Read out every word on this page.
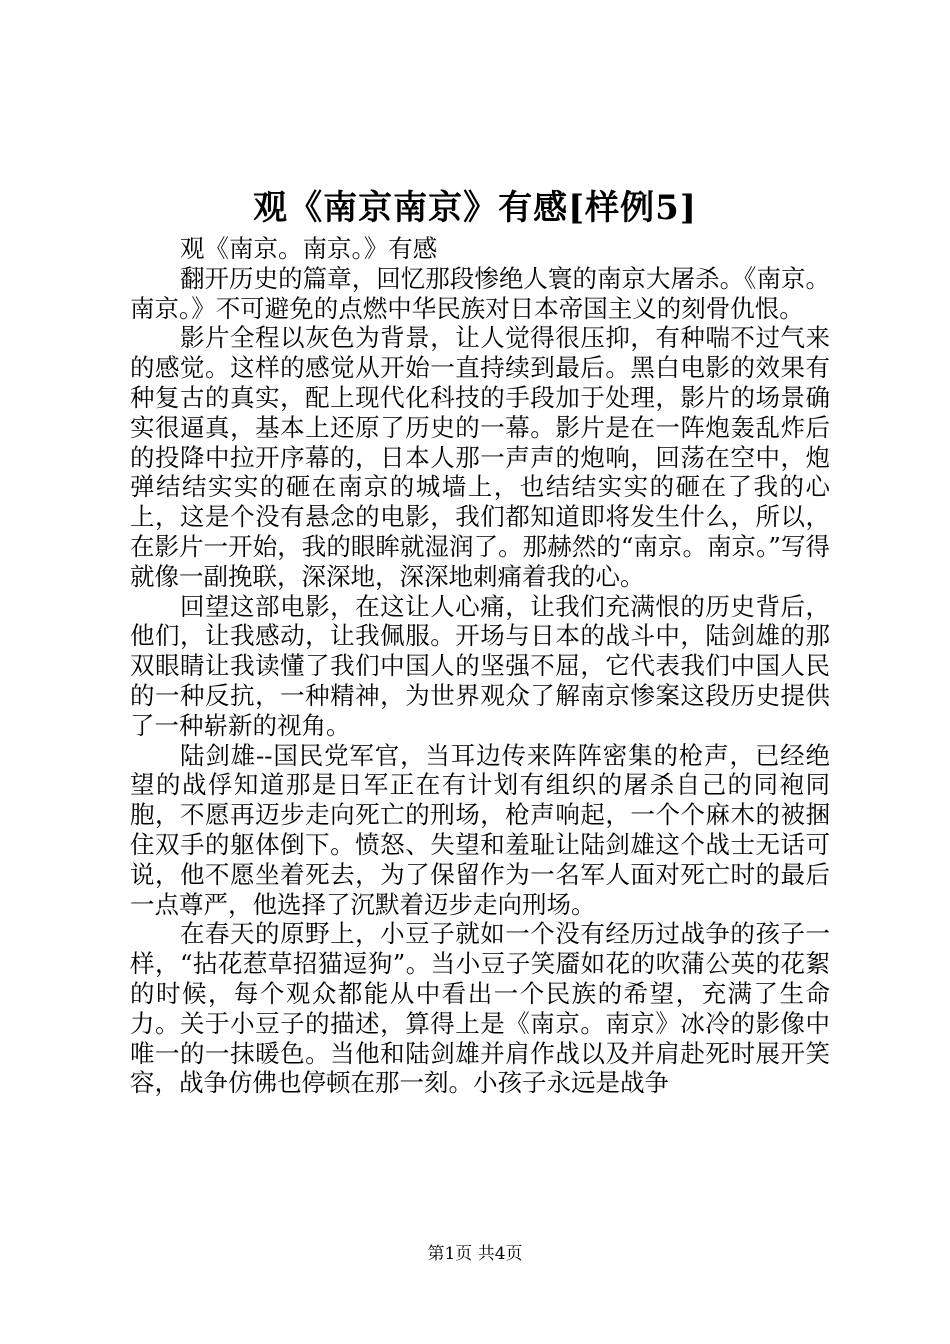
观《南京南京》有感[样例5]

观《南京。南京。》有感

翻开历史的篇章，回忆那段惨绝人寰的南京大屠杀。《南京。南京。》不可避免的点燃中华民族对日本帝国主义的刻骨仇恨。

影片全程以灰色为背景，让人觉得很压抑，有种喘不过气来的感觉。这样的感觉从开始一直持续到最后。黑白电影的效果有种复古的真实，配上现代化科技的手段加于处理，影片的场景确实很逼真，基本上还原了历史的一幕。影片是在一阵炮轰乱炸后的投降中拉开序幕的，日本人那一声声的炮响，回荡在空中，炮弹结结实实的砸在南京的城墙上，也结结实实的砸在了我的心上，这是个没有悬念的电影，我们都知道即将发生什么，所以，在影片一开始，我的眼眸就湿润了。那赫然的“南京。南京。”写得就像一副挽联，深深地，深深地刺痛着我的心。

回望这部电影，在这让人心痛，让我们充满恨的历史背后，他们，让我感动，让我佩服。开场与日本的战斗中，陆剑雄的那双眼睛让我读懂了我们中国人的坚强不屈，它代表我们中国人民的一种反抗，一种精神，为世界观众了解南京惨案这段历史提供了一种崭新的视角。

陆剑雄--国民党军官，当耳边传来阵阵密集的枪声，已经绝望的战俘知道那是日军正在有计划有组织的屠杀自己的同袍同胞，不愿再迈步走向死亡的刑场，枪声响起，一个个麻木的被捆住双手的躯体倒下。愤怒、失望和羞耻让陆剑雄这个战士无话可说，他不愿坐着死去，为了保留作为一名军人面对死亡时的最后一点尊严，他选择了沉默着迈步走向刑场。

在春天的原野上，小豆子就如一个没有经历过战争的孩子一样，“拈花惹草招猫逗狗”。当小豆子笑靥如花的吹蒲公英的花絮的时候，每个观众都能从中看出一个民族的希望，充满了生命力。关于小豆子的描述，算得上是《南京。南京》冰冷的影像中唯一的一抹暖色。当他和陆剑雄并肩作战以及并肩赴死时展开笑容，战争仿佛也停顿在那一刻。小孩子永远是战争

第1页 共4页
